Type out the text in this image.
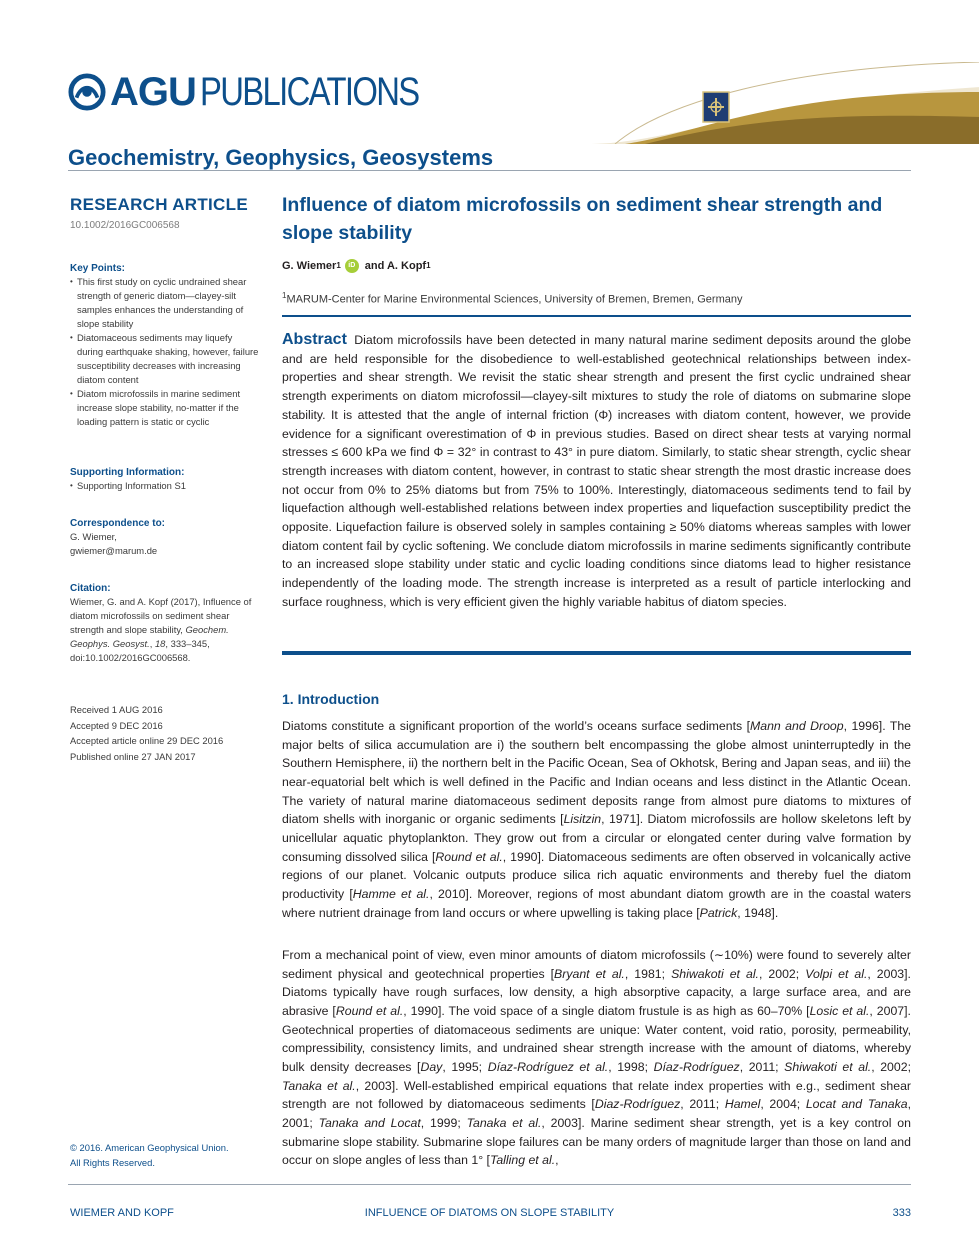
AGU PUBLICATIONS
Geochemistry, Geophysics, Geosystems
RESEARCH ARTICLE
10.1002/2016GC006568
Key Points:
• This first study on cyclic undrained shear strength of generic diatom—clayey-silt samples enhances the understanding of slope stability
• Diatomaceous sediments may liquefy during earthquake shaking, however, failure susceptibility decreases with increasing diatom content
• Diatom microfossils in marine sediment increase slope stability, no-matter if the loading pattern is static or cyclic
Supporting Information:
• Supporting Information S1
Correspondence to:
G. Wiemer,
gwiemer@marum.de
Citation:
Wiemer, G. and A. Kopf (2017), Influence of diatom microfossils on sediment shear strength and slope stability, Geochem. Geophys. Geosyst., 18, 333–345, doi:10.1002/2016GC006568.
Received 1 AUG 2016
Accepted 9 DEC 2016
Accepted article online 29 DEC 2016
Published online 27 JAN 2017
© 2016. American Geophysical Union.
All Rights Reserved.
Influence of diatom microfossils on sediment shear strength and slope stability
G. Wiemer 1	iD and A. Kopf 1
$^1$MARUM-Center for Marine Environmental Sciences, University of Bremen, Bremen, Germany
Abstract Diatom microfossils have been detected in many natural marine sediment deposits around the globe and are held responsible for the disobedience to well-established geotechnical relationships between index-properties and shear strength. We revisit the static shear strength and present the first cyclic undrained shear strength experiments on diatom microfossil—clayey-silt mixtures to study the role of diatoms on submarine slope stability. It is attested that the angle of internal friction (Φ) increases with diatom content, however, we provide evidence for a significant overestimation of Φ in previous studies. Based on direct shear tests at varying normal stresses ≤ 600 kPa we find Φ = 32° in contrast to 43° in pure diatom. Similarly, to static shear strength, cyclic shear strength increases with diatom content, however, in contrast to static shear strength the most drastic increase does not occur from 0% to 25% diatoms but from 75% to 100%. Interestingly, diatomaceous sediments tend to fail by liquefaction although well-established relations between index properties and liquefaction susceptibility predict the opposite. Liquefaction failure is observed solely in samples containing ≥ 50% diatoms whereas samples with lower diatom content fail by cyclic softening. We conclude diatom microfossils in marine sediments significantly contribute to an increased slope stability under static and cyclic loading conditions since diatoms lead to higher resistance independently of the loading mode. The strength increase is interpreted as a result of particle interlocking and surface roughness, which is very efficient given the highly variable habitus of diatom species.
1. Introduction
Diatoms constitute a significant proportion of the world’s oceans surface sediments [Mann and Droop, 1996]. The major belts of silica accumulation are i) the southern belt encompassing the globe almost uninterruptedly in the Southern Hemisphere, ii) the northern belt in the Pacific Ocean, Sea of Okhotsk, Bering and Japan seas, and iii) the near-equatorial belt which is well defined in the Pacific and Indian oceans and less distinct in the Atlantic Ocean. The variety of natural marine diatomaceous sediment deposits range from almost pure diatoms to mixtures of diatom shells with inorganic or organic sediments [Lisitzin, 1971]. Diatom microfossils are hollow skeletons left by unicellular aquatic phytoplankton. They grow out from a circular or elongated center during valve formation by consuming dissolved silica [Round et al., 1990]. Diatomaceous sediments are often observed in volcanically active regions of our planet. Volcanic outputs produce silica rich aquatic environments and thereby fuel the diatom productivity [Hamme et al., 2010]. Moreover, regions of most abundant diatom growth are in the coastal waters where nutrient drainage from land occurs or where upwelling is taking place [Patrick, 1948].
From a mechanical point of view, even minor amounts of diatom microfossils (∼10%) were found to severely alter sediment physical and geotechnical properties [Bryant et al., 1981; Shiwakoti et al., 2002; Volpi et al., 2003]. Diatoms typically have rough surfaces, low density, a high absorptive capacity, a large surface area, and are abrasive [Round et al., 1990]. The void space of a single diatom frustule is as high as 60–70% [Losic et al., 2007]. Geotechnical properties of diatomaceous sediments are unique: Water content, void ratio, porosity, permeability, compressibility, consistency limits, and undrained shear strength increase with the amount of diatoms, whereby bulk density decreases [Day, 1995; Díaz-Rodríguez et al., 1998; Díaz-Rodríguez, 2011; Shiwakoti et al., 2002; Tanaka et al., 2003]. Well-established empirical equations that relate index properties with e.g., sediment shear strength are not followed by diatomaceous sediments [Diaz-Rodríguez, 2011; Hamel, 2004; Locat and Tanaka, 2001; Tanaka and Locat, 1999; Tanaka et al., 2003]. Marine sediment shear strength, yet is a key control on submarine slope stability. Submarine slope failures can be many orders of magnitude larger than those on land and occur on slope angles of less than 1° [Talling et al.,
WIEMER AND KOPF	INFLUENCE OF DIATOMS ON SLOPE STABILITY	333
